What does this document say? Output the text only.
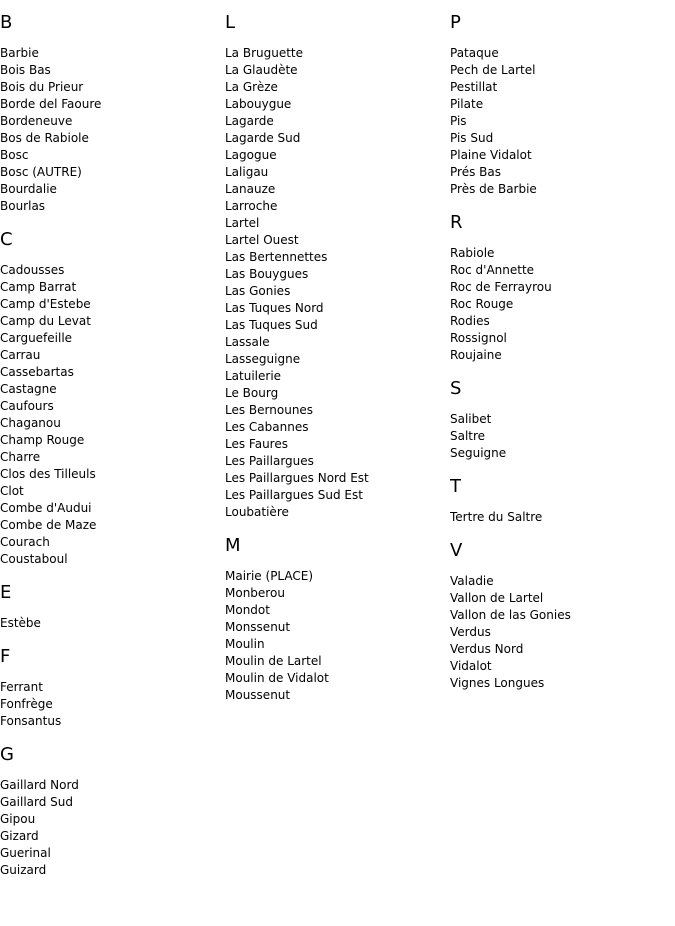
B
Barbie
Bois Bas
Bois du Prieur
Borde del Faoure
Bordeneuve
Bos de Rabiole
Bosc
Bosc (AUTRE)
Bourdalie
Bourlas
C
Cadousses
Camp Barrat
Camp d'Estebe
Camp du Levat
Carguefeille
Carrau
Cassebartas
Castagne
Caufours
Chaganou
Champ Rouge
Charre
Clos des Tilleuls
Clot
Combe d'Audui
Combe de Maze
Courach
Coustaboul
E
Estèbe
F
Ferrant
Fonfrège
Fonsantus
G
Gaillard Nord
Gaillard Sud
Gipou
Gizard
Guerinal
Guizard
L
La Bruguette
La Glaudète
La Grèze
Labouygue
Lagarde
Lagarde Sud
Lagogue
Laligau
Lanauze
Larroche
Lartel
Lartel Ouest
Las Bertennettes
Las Bouygues
Las Gonies
Las Tuques Nord
Las Tuques Sud
Lassale
Lasseguigne
Latuilerie
Le Bourg
Les Bernounes
Les Cabannes
Les Faures
Les Paillargues
Les Paillargues Nord Est
Les Paillargues Sud Est
Loubatière
M
Mairie (PLACE)
Monberou
Mondot
Monssenut
Moulin
Moulin de Lartel
Moulin de Vidalot
Moussenut
P
Pataque
Pech de Lartel
Pestillat
Pilate
Pis
Pis Sud
Plaine Vidalot
Prés Bas
Près de Barbie
R
Rabiole
Roc d'Annette
Roc de Ferrayrou
Roc Rouge
Rodies
Rossignol
Roujaine
S
Salibet
Saltre
Seguigne
T
Tertre du Saltre
V
Valadie
Vallon de Lartel
Vallon de las Gonies
Verdus
Verdus Nord
Vidalot
Vignes Longues
